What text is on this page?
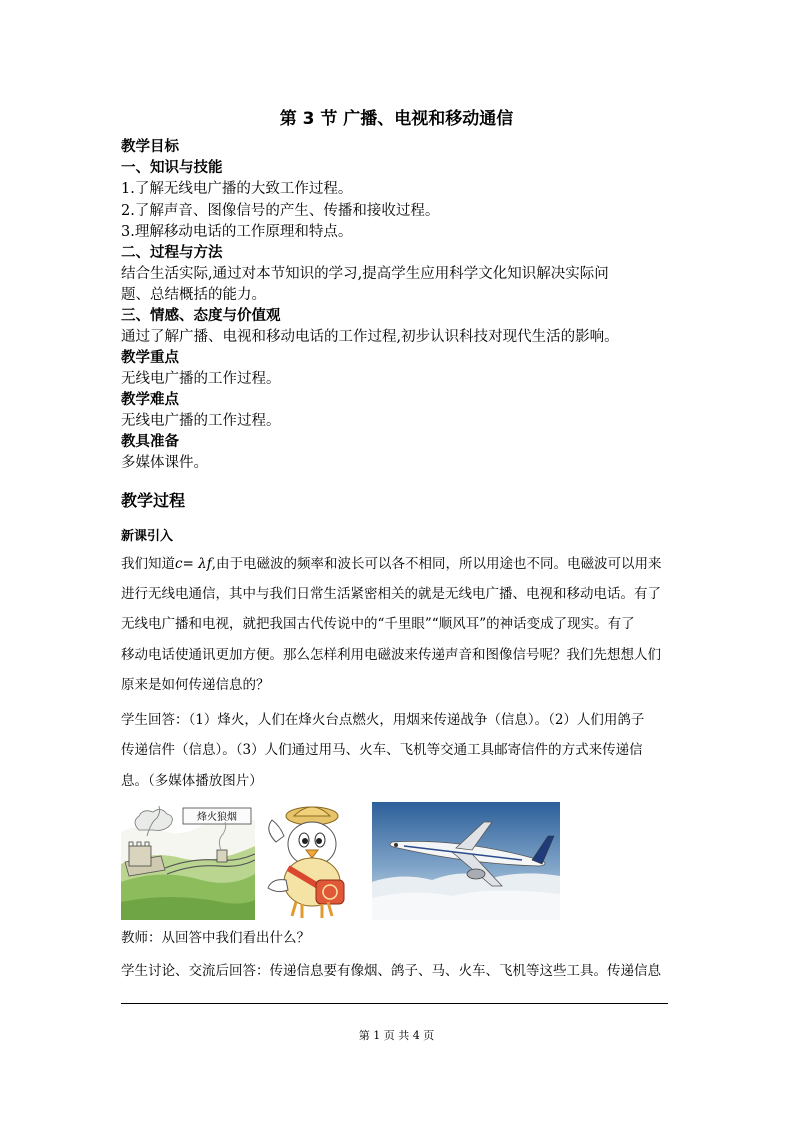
第 3 节 广播、电视和移动通信
教学目标
一、知识与技能
1.了解无线电广播的大致工作过程。
2.了解声音、图像信号的产生、传播和接收过程。
3.理解移动电话的工作原理和特点。
二、过程与方法
结合生活实际,通过对本节知识的学习,提高学生应用科学文化知识解决实际问
题、总结概括的能力。
三、情感、态度与价值观
通过了解广播、电视和移动电话的工作过程,初步认识科技对现代生活的影响。
教学重点
无线电广播的工作过程。
教学难点
无线电广播的工作过程。
教具准备
多媒体课件。
教学过程
新课引入
我们知道c= λf,由于电磁波的频率和波长可以各不相同，所以用途也不同。电磁波可以用来
进行无线电通信，其中与我们日常生活紧密相关的就是无线电广播、电视和移动电话。有了
无线电广播和电视，就把我国古代传说中的“千里眼”“顺风耳”的神话变成了现实。有了
移动电话使通讯更加方便。那么怎样利用电磁波来传递声音和图像信号呢？我们先想想人们
原来是如何传递信息的？
学生回答：（1）烽火，人们在烽火台点燃火，用烟来传递战争（信息）。（2）人们用鸽子
传递信件（信息）。（3）人们通过用马、火车、飞机等交通工具邮寄信件的方式来传递信
息。（多媒体播放图片）
烽火狼烟
教师：从回答中我们看出什么？
学生讨论、交流后回答：传递信息要有像烟、鸽子、马、火车、飞机等这些工具。传递信息
第 1 页 共 4 页
